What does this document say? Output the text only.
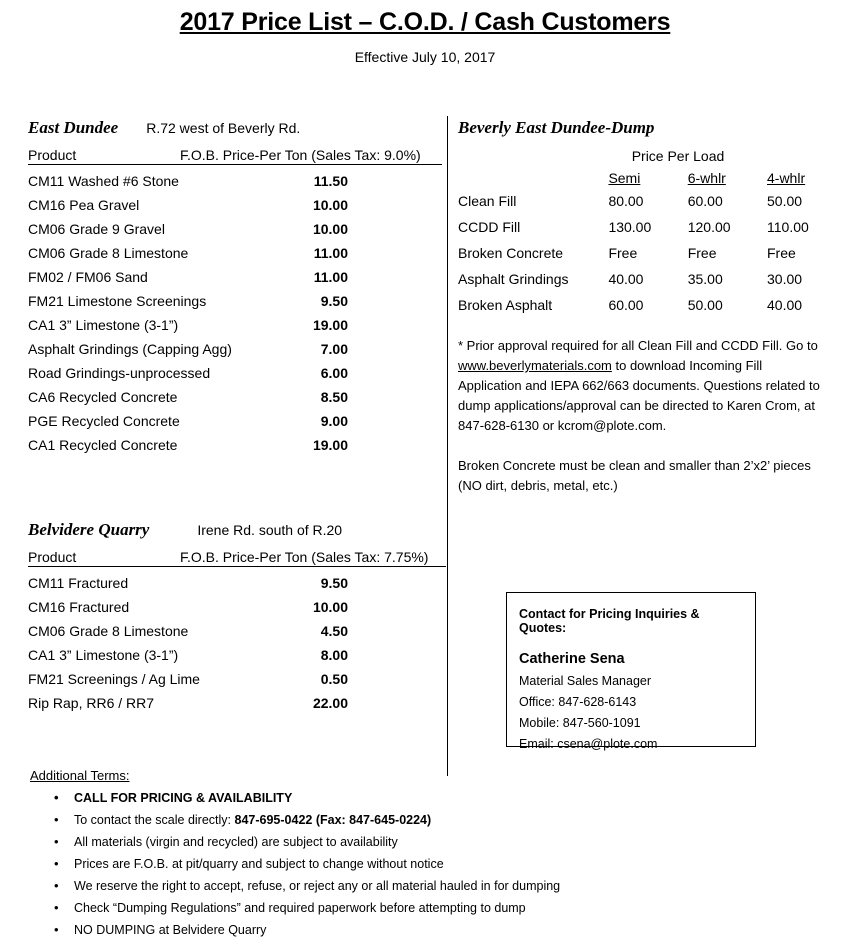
2017 Price List – C.O.D. / Cash Customers
Effective July 10, 2017
East Dundee R.72 west of Beverly Rd.
Product	F.O.B. Price-Per Ton (Sales Tax: 9.0%)
CM11 Washed #6 Stone	11.50
CM16 Pea Gravel	10.00
CM06 Grade 9 Gravel	10.00
CM06 Grade 8 Limestone	11.00
FM02 / FM06 Sand	11.00
FM21 Limestone Screenings	9.50
CA1 3” Limestone (3-1”)	19.00
Asphalt Grindings (Capping Agg)	7.00
Road Grindings-unprocessed	6.00
CA6 Recycled Concrete	8.50
PGE Recycled Concrete	9.00
CA1 Recycled Concrete	19.00
Belvidere Quarry	Irene Rd. south of R.20
Product	F.O.B. Price-Per Ton (Sales Tax: 7.75%)
CM11 Fractured	9.50
CM16 Fractured	10.00
CM06 Grade 8 Limestone	4.50
CA1 3” Limestone (3-1”)	8.00
FM21 Screenings / Ag Lime	0.50
Rip Rap, RR6 / RR7	22.00
Beverly East Dundee-Dump
Price Per Load
	Semi	6-whlr	4-whlr
Clean Fill	80.00	60.00	50.00
CCDD Fill	130.00	120.00	110.00
Broken Concrete	Free	Free	Free
Asphalt Grindings	40.00	35.00	30.00
Broken Asphalt	60.00	50.00	40.00
* Prior approval required for all Clean Fill and CCDD Fill. Go to www.beverlymaterials.com to download Incoming Fill Application and IEPA 662/663 documents. Questions related to dump applications/approval can be directed to Karen Crom, at 847-628-6130 or kcrom@plote.com.
Broken Concrete must be clean and smaller than 2’x2’ pieces (NO dirt, debris, metal, etc.)
Contact for Pricing Inquiries & Quotes:
Catherine Sena
Material Sales Manager
Office: 847-628-6143
Mobile: 847-560-1091
Email: csena@plote.com
Additional Terms:
• CALL FOR PRICING & AVAILABILITY
• To contact the scale directly: 847-695-0422 (Fax: 847-645-0224)
• All materials (virgin and recycled) are subject to availability
• Prices are F.O.B. at pit/quarry and subject to change without notice
• We reserve the right to accept, refuse, or reject any or all material hauled in for dumping
• Check “Dumping Regulations” and required paperwork before attempting to dump
• NO DUMPING at Belvidere Quarry
